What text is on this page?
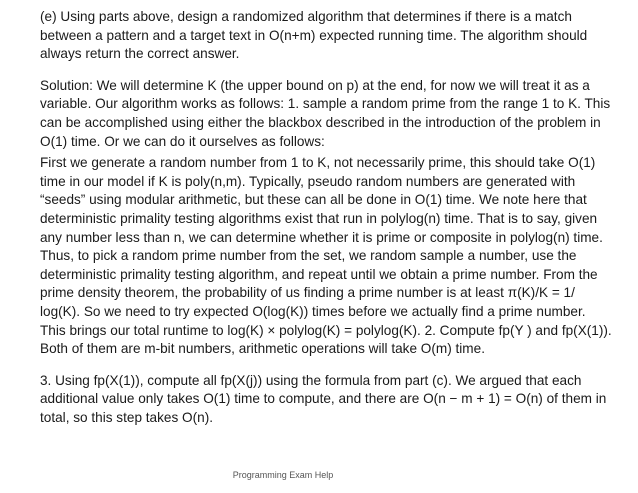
(e) Using parts above, design a randomized algorithm that determines if there is a match between a pattern and a target text in O(n+m) expected running time. The algorithm should always return the correct answer.

Solution: We will determine K (the upper bound on p) at the end, for now we will treat it as a variable. Our algorithm works as follows: 1. sample a random prime from the range 1 to K. This can be accomplished using either the blackbox described in the introduction of the problem in O(1) time. Or we can do it ourselves as follows:

First we generate a random number from 1 to K, not necessarily prime, this should take O(1) time in our model if K is poly(n,m). Typically, pseudo random numbers are generated with “seeds” using modular arithmetic, but these can all be done in O(1) time. We note here that deterministic primality testing algorithms exist that run in polylog(n) time. That is to say, given any number less than n, we can determine whether it is prime or composite in polylog(n) time. Thus, to pick a random prime number from the set, we random sample a number, use the deterministic primality testing algorithm, and repeat until we obtain a prime number. From the prime density theorem, the probability of us finding a prime number is at least π(K)/K = 1/ log(K). So we need to try expected O(log(K)) times before we actually find a prime number. This brings our total runtime to log(K) × polylog(K) = polylog(K). 2. Compute fp(Y ) and fp(X(1)). Both of them are m-bit numbers, arithmetic operations will take O(m) time.

3. Using fp(X(1)), compute all fp(X(j)) using the formula from part (c). We argued that each additional value only takes O(1) time to compute, and there are O(n − m + 1) = O(n) of them in total, so this step takes O(n).

Programming Exam Help
